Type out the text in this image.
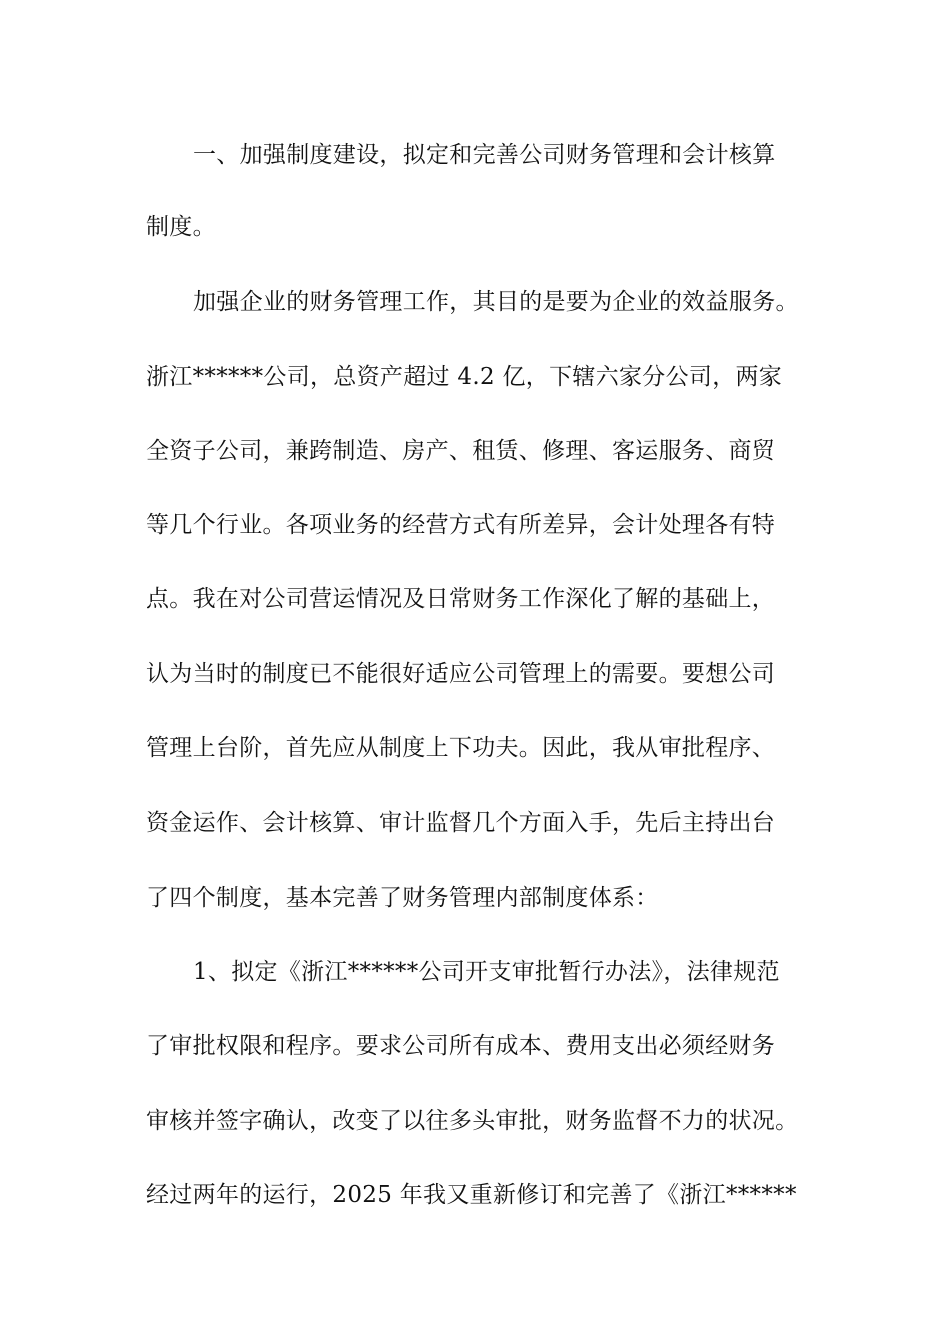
一、加强制度建设，拟定和完善公司财务管理和会计核算
制度。
加强企业的财务管理工作，其目的是要为企业的效益服务。
浙江******公司，总资产超过 4.2 亿，下辖六家分公司，两家
全资子公司，兼跨制造、房产、租赁、修理、客运服务、商贸
等几个行业。各项业务的经营方式有所差异，会计处理各有特
点。我在对公司营运情况及日常财务工作深化了解的基础上，
认为当时的制度已不能很好适应公司管理上的需要。要想公司
管理上台阶，首先应从制度上下功夫。因此，我从审批程序、
资金运作、会计核算、审计监督几个方面入手，先后主持出台
了四个制度，基本完善了财务管理内部制度体系：
1、拟定《浙江******公司开支审批暂行办法》，法律规范
了审批权限和程序。要求公司所有成本、费用支出必须经财务
审核并签字确认，改变了以往多头审批，财务监督不力的状况。
经过两年的运行，2025 年我又重新修订和完善了《浙江******
